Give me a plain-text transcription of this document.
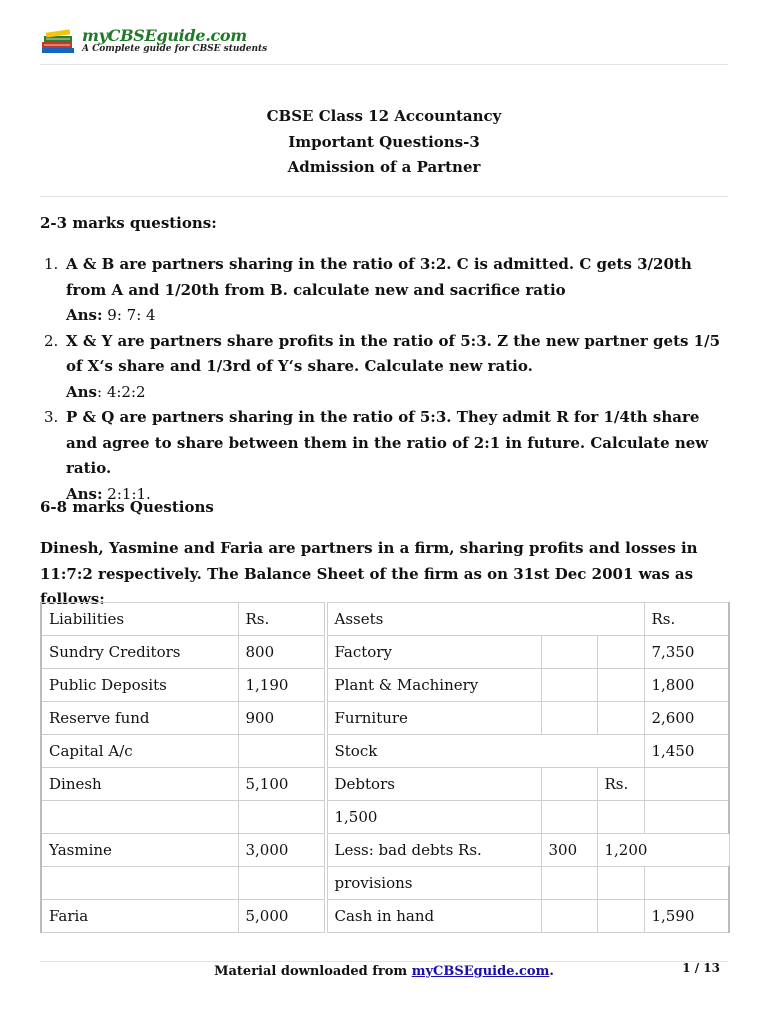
myCBSEguide.com
A Complete guide for CBSE students
CBSE Class 12 Accountancy
Important Questions-3
Admission of a Partner
2-3 marks questions:
1. A & B are partners sharing in the ratio of 3:2. C is admitted. C gets 3/20th from A and 1/20th from B. calculate new and sacrifice ratio
Ans: 9: 7: 4
2. X & Y are partners share profits in the ratio of 5:3. Z the new partner gets 1/5 of X‘s share and 1/3rd of Y‘s share. Calculate new ratio.
Ans: 4:2:2
3. P & Q are partners sharing in the ratio of 5:3. They admit R for 1/4th share and agree to share between them in the ratio of 2:1 in future. Calculate new ratio.
Ans: 2:1:1.
6-8 marks Questions
Dinesh, Yasmine and Faria are partners in a firm, sharing profits and losses in 11:7:2 respectively. The Balance Sheet of the firm as on 31st Dec 2001 was as follows:
Liabilities	Rs.		Assets			Rs.
Sundry Creditors	800		Factory			7,350
Public Deposits	1,190		Plant & Machinery			1,800
Reserve fund	900		Furniture			2,600
Capital A/c			Stock			1,450
Dinesh	5,100		Debtors		Rs.	
			1,500			
Yasmine	3,000		Less: bad debts Rs.	300	1,200	
			provisions			
Faria	5,000		Cash in hand			1,590
Material downloaded from myCBSEguide.com.	1 / 13
